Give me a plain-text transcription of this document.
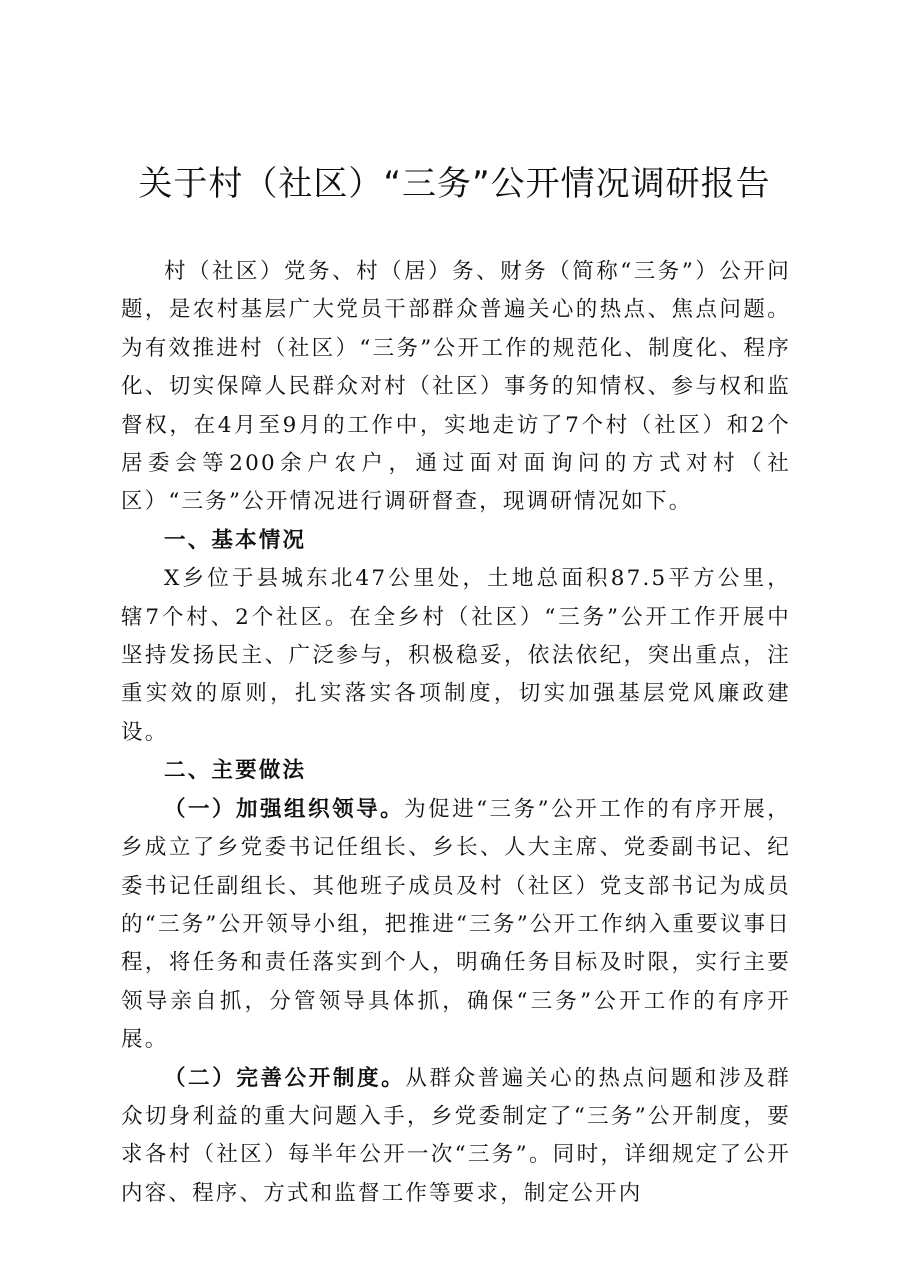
关于村（社区）“三务”公开情况调研报告

村（社区）党务、村（居）务、财务（简称“三务”）公开问题，是农村基层广大党员干部群众普遍关心的热点、焦点问题。为有效推进村（社区）“三务”公开工作的规范化、制度化、程序化、切实保障人民群众对村（社区）事务的知情权、参与权和监督权，在4月至9月的工作中，实地走访了7个村（社区）和2个居委会等200余户农户，通过面对面询问的方式对村（社区）“三务”公开情况进行调研督查，现调研情况如下。

一、基本情况

X乡位于县城东北47公里处，土地总面积87.5平方公里，辖7个村、2个社区。在全乡村（社区）“三务”公开工作开展中坚持发扬民主、广泛参与，积极稳妥，依法依纪，突出重点，注重实效的原则，扎实落实各项制度，切实加强基层党风廉政建设。

二、主要做法

（一）加强组织领导。为促进“三务”公开工作的有序开展，乡成立了乡党委书记任组长、乡长、人大主席、党委副书记、纪委书记任副组长、其他班子成员及村（社区）党支部书记为成员的“三务”公开领导小组，把推进“三务”公开工作纳入重要议事日程，将任务和责任落实到个人，明确任务目标及时限，实行主要领导亲自抓，分管领导具体抓，确保“三务”公开工作的有序开展。

（二）完善公开制度。从群众普遍关心的热点问题和涉及群众切身利益的重大问题入手，乡党委制定了“三务”公开制度，要求各村（社区）每半年公开一次“三务”。同时，详细规定了公开内容、程序、方式和监督工作等要求，制定公开内
